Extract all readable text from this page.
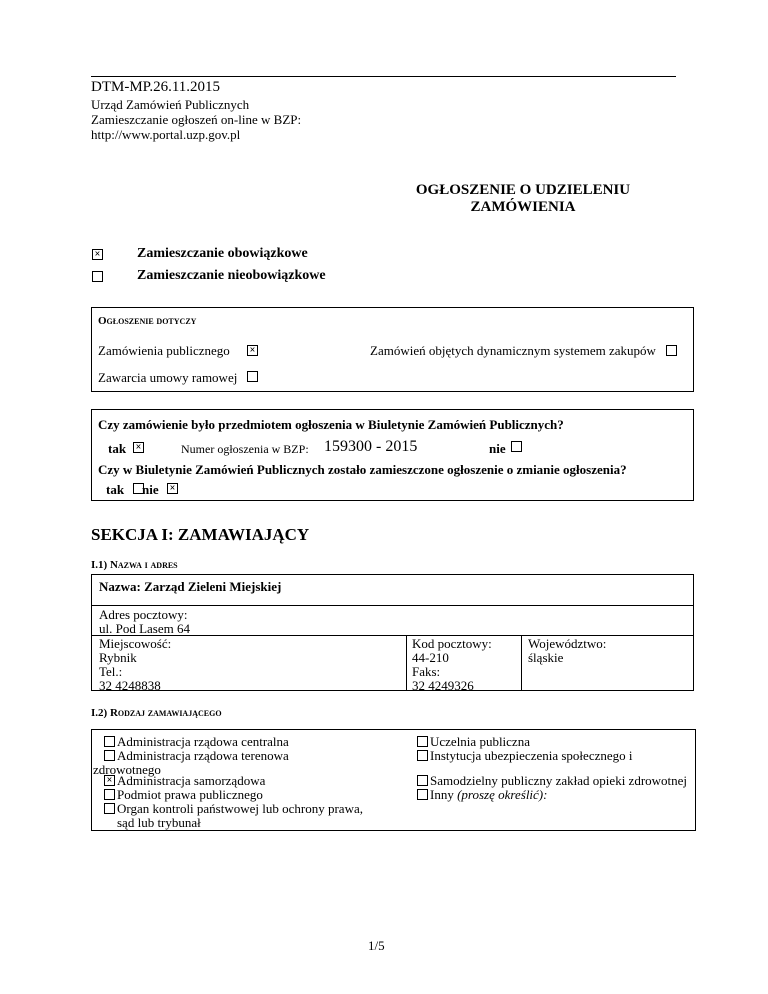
DTM-MP.26.11.2015
Urząd Zamówień Publicznych
Zamieszczanie ogłoszeń on-line w BZP:
http://www.portal.uzp.gov.pl
OGŁOSZENIE O UDZIELENIU
ZAMÓWIENIA
×	Zamieszczanie obowiązkowe
Zamieszczanie nieobowiązkowe
Ogłoszenie dotyczy
Zamówienia publicznego ×	Zamówień objętych dynamicznym systemem zakupów
Zawarcia umowy ramowej
Czy zamówienie było przedmiotem ogłoszenia w Biuletynie Zamówień Publicznych?
tak ×	Numer ogłoszenia w BZP: 159300 - 2015	nie
Czy w Biuletynie Zamówień Publicznych zostało zamieszczone ogłoszenie o zmianie ogłoszenia?
tak nie ×
SEKCJA I: ZAMAWIAJĄCY
I.1) Nazwa i adres
Nazwa: Zarząd Zieleni Miejskiej
Adres pocztowy:
ul. Pod Lasem 64
Miejscowość:
Rybnik
Tel.:
32 4248838
Kod pocztowy:
44-210
Faks:
32 4249326
Województwo:
śląskie
I.2) Rodzaj zamawiającego
Administracja rządowa centralna
Administracja rządowa terenowa
zdrowotnego
× Administracja samorządowa
Podmiot prawa publicznego
Organ kontroli państwowej lub ochrony prawa,
sąd lub trybunał
Uczelnia publiczna
Instytucja ubezpieczenia społecznego i
Samodzielny publiczny zakład opieki zdrowotnej
Inny (proszę określić):
1/5
